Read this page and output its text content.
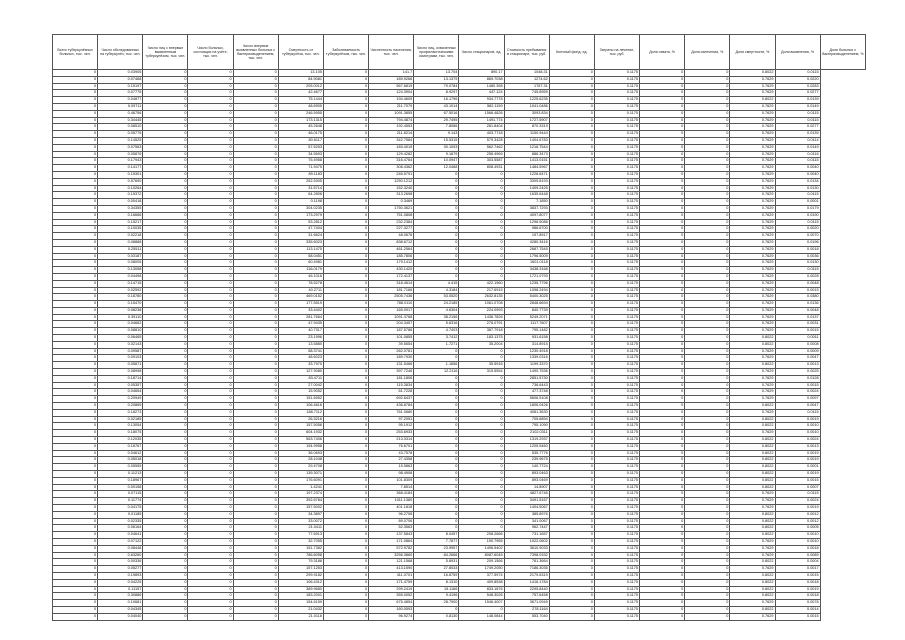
Всего туберкулёзных больных, тыс. чел.	Число обследованных на туберкулёз, тыс. чел.	Число лиц с впервые выявленным туберкулёзом, тыс. чел.	Число больных, состоящих на учёте, тыс. чел.	Число впервые выявленных больных с бактериовыделением, тыс. чел.	Смертность от туберкулёза, тыс. чел.	Заболеваемость туберкулёзом, тыс. чел.	Численность населения, тыс. чел.	Число лиц, охваченных профилактическими осмотрами, тыс. чел.	Число стационаров, ед.	Стоимость пребывания в стационаре, тыс. руб.	Коечный фонд, ед.	Затраты на лечение, тыс. руб.	Доля охвата, %	Доля излечения, %	Доля смертности, %	Доля выявления, %	Доля больных с бактериовыделением, %
0	0.03905	0	0	0	13.105	0	141.7	13.704	890.17	1048.31	0	0.1175	0	0	0.8022	0.0115	
0	0.07468	0	0	0	84.9081	0	189.9266	13.1379	869.7038	1274.62	0	0.1175	0	0	0.7629	0.0220	
0	0.15197	0	0	0	205.0012	0	567.6819	79.0784	1480.398	1767.31	0	0.1175	0	0	0.7629	0.0283	
0	0.07775	0	0	0	42.4677	0	124.3904	8.9297	447.124	745.8959	0	0.1175	0	0	0.7629	0.0277	
0	0.04877	0	0	0	75.1444	0	194.4609	16.1796	934.7778	1225.6235	0	0.1175	0	0	0.8022	0.0139	
0	0.09711	0	0	0	48.6905	0	211.7079	43.1014	582.1159	1041.0486	0	0.1175	0	0	0.7629	0.0149	
0	0.46756	0	0	0	246.5955	0	1091.3855	67.5016	1566.4826	3093.834	0	0.1175	0	0	0.7629	0.0115	
0	0.34445	0	0	0	173.1315	0	794.4874	29.7495	1491.774	1727.5907	0	0.1175	0	0	0.7629	0.0115	
0	0.08510	0	0	0	45.2648	0	192.4553	7.8086	281.8404	870.3319	0	0.1175	0	0	0.7629	0.0277	
0	0.05775	0	0	0	46.0175	0	211.6214	9.143	403.7718	1150.9444	0	0.1175	0	0	0.7629	0.0139	
0	0.14525	0	0	0	80.6117	0	342.7584	15.5315	579.3428	1404.6783	0	0.1175	0	0	0.7629	0.0114	
0	0.07563	0	0	0	57.5253	0	183.4019	30.1093	562.7462	1216.7544	0	0.1175	0	0	0.7629	0.0149	
0	0.05876	0	0	0	34.5693	0	129.4282	9.1679	256.4969	886.3473	0	0.1175	0	0	0.7629	0.0116	
0	0.17943	0	0	0	75.4958	0	316.4764	10.0947	303.5587	1413.0151	0	0.1175	0	0	0.7629	0.0115	
0	0.14177	0	0	0	71.9475	0	308.4362	12.0468	808.4931	1484.5967	0	0.1175	0	0	0.7629	0.0040	
0	0.15301	0	0	0	89.1183	0	246.5791	0	0	1226.6471	0	0.1175	0	0	0.7629	0.0040	
0	0.57690	0	0	0	252.5305	0	1250.1212	0	0	3309.8193	0	0.1175	0	0	0.7629	0.0134	
0	0.10264	0	0	0	31.5714	0	152.3240	0	0	1409.2425	0	0.1175	0	0	0.7629	0.0130	
0	0.15372	0	0	0	64.2806	0	313.2698	0	0	1635.6448	0	0.1175	0	0	0.7629	0.0115	
0	0.00418	0	0	0	0.1198	0	0.3469	0	0	7.1850	0	0.1175	0	0	0.7629	0.0001	
0	0.34355	0	0	0	304.0235	0	1750.3621	0	0	3837.7293	0	0.1175	0	0	0.7629	0.0179	
0	0.16666	0	0	0	173.2979	0	751.0808	0	0	4097.8077	0	0.1175	0	0	0.7629	0.0190	
0	0.15217	0	0	0	53.2812	0	232.2384	0	0	1296.5086	0	0.1175	0	0	0.7629	0.0115	
0	0.10035	0	0	0	47.7404	0	227.3277	0	0	986.6700	0	0.1175	0	0	0.7629	0.0020	
0	0.02218	0	0	0	31.6624	0	48.0676	0	0	197.8917	0	0.1175	0	0	0.7629	0.0070	
0	0.08888	0	0	0	335.6023	0	838.6712	0	0	4280.3416	0	0.1175	0	0	0.7629	0.0196	
0	0.25511	0	0	0	113.1475	0	461.2564	0	0	2687.7545	0	0.1175	0	0	0.7629	0.0018	
0	0.03187	0	0	0	58.0451	0	185.7806	0	0	1796.5009	0	0.1175	0	0	0.7629	0.0036	
0	0.08005	0	0	0	60.4981	0	179.1412	0	0	1601.0118	0	0.1175	0	0	0.7629	0.0130	
0	0.13058	0	0	0	116.0179	0	430.1420	0	0	3438.3168	0	0.1175	0	0	0.7629	0.0115	
0	0.04498	0	0	0	46.1016	0	172.4137	0	0	1721.0793	0	0.1175	0	0	0.7629	0.0028	
0	0.14715	0	0	0	78.5278	0	318.4614	4.415	422.1960	1235.7796	0	0.1175	0	0	0.7629	0.0048	
0	0.02592	0	0	0	40.2711	0	181.7166	4.3184	217.6915	1098.2494	0	0.1175	0	0	0.7629	0.0015	
0	0.18780	0	0	0	469.0152	0	2505.7436	53.0520	2632.8135	5400.3025	0	0.1175	0	0	0.7629	0.0380	
0	0.15470	0	0	0	177.5519	0	788.0110	24.2185	1061.0708	2848.6694	0	0.1175	0	0	0.7629	0.0136	
0	0.08238	0	0	0	33.4402	0	165.0917	4.6304	224.0993	840.7739	0	0.1175	0	0	0.7629	0.0048	
0	0.39110	0	0	0	281.7664	0	1091.3768	38.2156	1436.7826	5249.2071	0	0.1175	0	0	0.7629	0.0137	
0	0.04662	0	0	0	47.9435	0	204.3457	5.6316	276.0791	1117.7607	0	0.1175	0	0	0.7629	0.0031	
0	0.08810	0	0	0	40.7317	0	187.5786	4.7403	387.7918	795.1482	0	0.1175	0	0	0.7629	0.0015	
0	0.06465	0	0	0	23.1996	0	101.0855	3.7412	183.1375	931.6158	0	0.1175	0	0	0.8022	0.0011	
0	0.02143	0	0	0	13.5880	0	39.5654	1.7271	35.2004	314.8915	0	0.1175	0	0	0.8022	0.0008	
0	0.09587	0	0	0	58.3741	0	262.0781	0	0	1230.4918	0	0.1175	0	0	0.7629	0.0009	
0	0.09103	0	0	0	48.6023	0	189.7930	0	0	1339.0316	0	0.1175	0	0	0.7629	0.0047	
0	0.05871	0	0	0	33.7970	0	131.5466	1.1656	35.5916	1199.3370	0	0.1175	0	0	0.8022	0.0013	
0	0.08998	0	0	0	127.9080	0	397.7246	12.2116	315.5554	1490.7536	0	0.1175	0	0	0.7629	0.0025	
0	0.18714	0	0	0	83.4711	0	181.1806	0	0	2851.5730	0	0.1175	0	0	0.7629	0.0128	
0	0.05357	0	0	0	27.0042	0	115.3834	0	0	736.6443	0	0.1175	0	0	0.7629	0.0015	
0	0.04654	0	0	0	15.9052	0	61.7228	0	0	477.3748	0	0.1175	0	0	0.7629	0.0024	
0	0.20949	0	0	0	151.6952	0	692.8437	0	0	5606.5108	0	0.1175	0	0	0.7629	0.0097	
0	0.20869	0	0	0	106.4616	0	436.8784	0	0	1806.0426	0	0.1175	0	0	0.8022	0.0047	
0	0.18273	0	0	0	188.7112	0	761.0680	0	0	4081.3630	0	0.1175	0	0	0.7629	0.0115	
0	0.02185	0	0	0	26.3216	0	97.2051	0	0	705.6894	0	0.1175	0	0	0.8022	0.0019	
0	0.13054	0	0	0	157.5056	0	95.1912	0	0	795.1090	0	0.1175	0	0	0.8022	0.0010	
0	0.18075	0	0	0	604.1932	0	253.6933	0	0	2102.0311	0	0.1175	0	0	0.7629	0.0010	
0	0.12035	0	0	0	563.7406	0	213.3314	0	0	1319.2937	0	0.1175	0	0	0.8022	0.0024	
0	0.16767	0	0	0	194.9958	0	76.6701	0	0	1205.5460	0	0.1175	0	0	0.8022	0.0013	
0	0.04612	0	0	0	36.0693	0	43.7578	0	0	535.7776	0	0.1175	0	0	0.8022	0.0019	
0	0.05018	0	0	0	28.1048	0	27.4358	0	0	239.9675	0	0.1175	0	0	0.8022	0.0019	
0	0.05555	0	0	0	29.4708	0	15.5863	0	0	140.7724	0	0.1175	0	0	0.8022	0.0001	
0	0.11213	0	0	0	139.3071	0	98.4908	0	0	893.0463	0	0.1175	0	0	0.8022	0.0019	
0	0.18967	0	0	0	176.6091	0	101.8309	0	0	893.0469	0	0.1175	0	0	0.8022	0.0015	
0	0.00158	0	0	0	1.4241	0	7.8514	0	0	14.8907	0	0.1175	0	0	0.8022	0.0007	
0	0.07115	0	0	0	197.2374	0	368.4184	0	0	4827.6746	0	0.1175	0	0	0.7629	0.0115	
0	0.11774	0	0	0	392.6784	0	1011.1380	0	0	3491.5167	0	0.1175	0	0	0.7629	0.0024	
0	0.04175	0	0	0	157.5002	0	401.1818	0	0	1404.5067	0	0.1175	0	0	0.7629	0.0019	
0	0.01185	0	0	0	34.3897	0	96.2706	0	0	385.8976	0	0.1175	0	0	0.8022	0.0012	
0	0.02335	0	0	0	33.0072	0	89.0706	0	0	341.0067	0	0.1175	0	0	0.8022	0.0012	
0	0.06164	0	0	0	21.0411	0	52.3563	0	0	962.7447	0	0.1175	0	0	0.8022	0.0005	
0	0.04641	0	0	0	77.6913	0	137.5843	8.0457	208.2666	731.1657	0	0.1175	0	0	0.8022	0.0010	
0	0.07122	0	0	0	32.7055	0	171.0864	7.7877	190.7955	1022.0602	0	0.1175	0	0	0.7629	0.0010	
0	0.08448	0	0	0	151.7382	0	572.9782	23.9957	1496.5402	3610.9033	0	0.1175	0	0	0.7629	0.0018	
0	0.63260	0	0	0	786.6098	0	3256.3860	84.2666	8087.6045	7398.0332	0	0.1175	0	0	0.7629	0.0089	
0	0.00336	0	0	0	79.3186	0	121.1568	5.8931	209.1566	781.3664	0	0.1175	0	0	0.8022	0.0004	
0	0.05277	0	0	0	157.1253	0	413.1590	27.8033	1749.2050	7186.3035	0	0.1175	0	0	0.7629	0.0017	
0	0.19893	0	0	0	299.9182	0	411.0701	16.8759	377.5974	2179.6319	0	0.1175	0	0	0.8022	0.0015	
0	0.04225	0	0	0	106.4312	0	171.4759	8.1310	409.8538	1416.1784	0	0.1175	0	0	0.8022	0.0018	
0	0.11157	0	0	0	389.9680	0	299.2419	15.1166	833.1876	2295.8440	0	0.1175	0	0	0.8022	0.0019	
0	0.30886	0	0	0	183.2001	0	355.0052	9.4196	548.3026	757.6458	0	0.1175	0	0	0.8022	0.0018	
0	0.10681	0	0	0	154.6159	0	675.4854	28.7900	1546.4007	3671.0949	0	0.1175	0	0	0.7629	0.0078	
0	0.04345	0	0	0	21.0432	0	160.0593	0	0	278.1164	0	0.1175	0	0	0.8022	0.0014	
0	0.04040	0	0	0	21.0116	0	96.9274	0.8130	148.0844	553.7040	0	0.1175	0	0	0.7629	0.0015	
